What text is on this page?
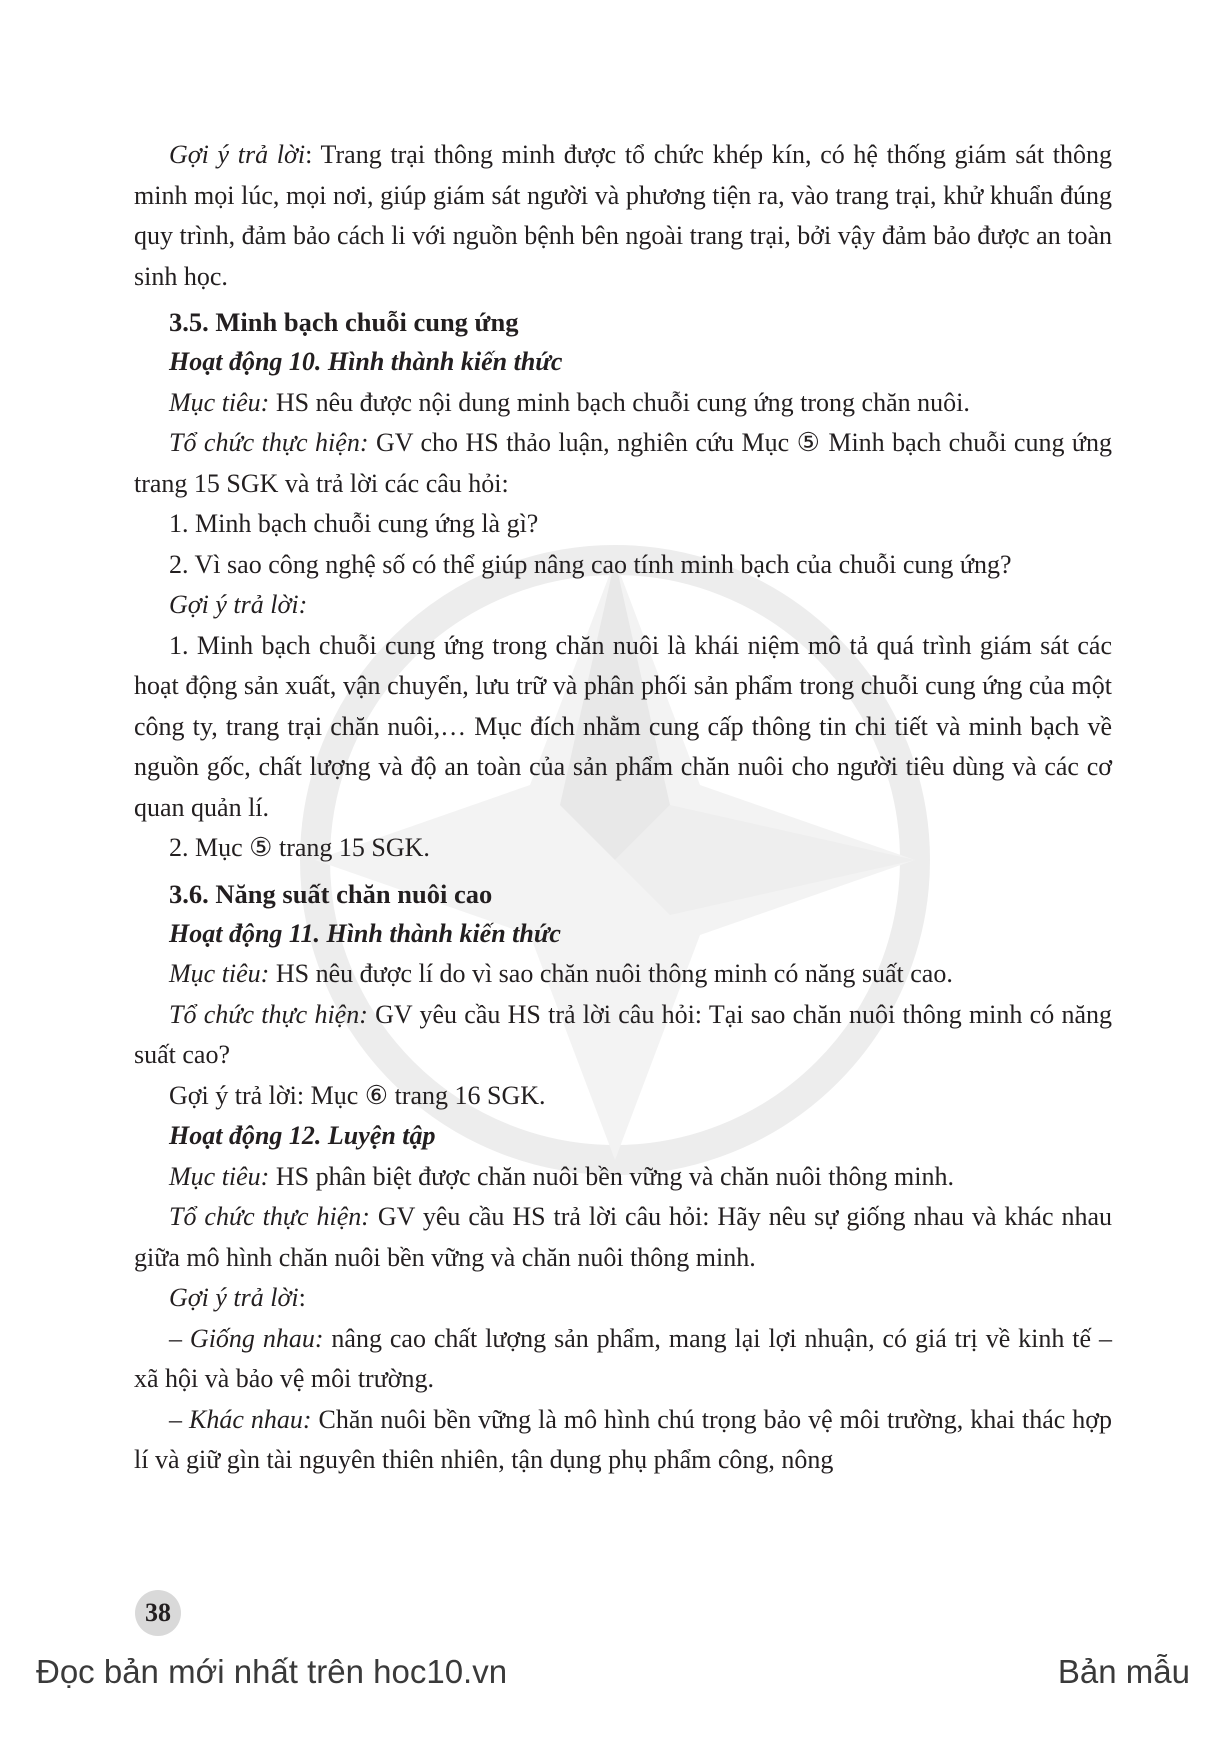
Gợi ý trả lời: Trang trại thông minh được tổ chức khép kín, có hệ thống giám sát thông minh mọi lúc, mọi nơi, giúp giám sát người và phương tiện ra, vào trang trại, khử khuẩn đúng quy trình, đảm bảo cách li với nguồn bệnh bên ngoài trang trại, bởi vậy đảm bảo được an toàn sinh học.

3.5. Minh bạch chuỗi cung ứng

Hoạt động 10. Hình thành kiến thức

Mục tiêu: HS nêu được nội dung minh bạch chuỗi cung ứng trong chăn nuôi.

Tổ chức thực hiện: GV cho HS thảo luận, nghiên cứu Mục ⑤ Minh bạch chuỗi cung ứng trang 15 SGK và trả lời các câu hỏi:

1. Minh bạch chuỗi cung ứng là gì?

2. Vì sao công nghệ số có thể giúp nâng cao tính minh bạch của chuỗi cung ứng?

Gợi ý trả lời:

1. Minh bạch chuỗi cung ứng trong chăn nuôi là khái niệm mô tả quá trình giám sát các hoạt động sản xuất, vận chuyển, lưu trữ và phân phối sản phẩm trong chuỗi cung ứng của một công ty, trang trại chăn nuôi,… Mục đích nhằm cung cấp thông tin chi tiết và minh bạch về nguồn gốc, chất lượng và độ an toàn của sản phẩm chăn nuôi cho người tiêu dùng và các cơ quan quản lí.

2. Mục ⑤ trang 15 SGK.

3.6. Năng suất chăn nuôi cao

Hoạt động 11. Hình thành kiến thức

Mục tiêu: HS nêu được lí do vì sao chăn nuôi thông minh có năng suất cao.

Tổ chức thực hiện: GV yêu cầu HS trả lời câu hỏi: Tại sao chăn nuôi thông minh có năng suất cao?

Gợi ý trả lời: Mục ⑥ trang 16 SGK.

Hoạt động 12. Luyện tập

Mục tiêu: HS phân biệt được chăn nuôi bền vững và chăn nuôi thông minh.

Tổ chức thực hiện: GV yêu cầu HS trả lời câu hỏi: Hãy nêu sự giống nhau và khác nhau giữa mô hình chăn nuôi bền vững và chăn nuôi thông minh.

Gợi ý trả lời:

– Giống nhau: nâng cao chất lượng sản phẩm, mang lại lợi nhuận, có giá trị về kinh tế – xã hội và bảo vệ môi trường.

– Khác nhau: Chăn nuôi bền vững là mô hình chú trọng bảo vệ môi trường, khai thác hợp lí và giữ gìn tài nguyên thiên nhiên, tận dụng phụ phẩm công, nông

38
Đọc bản mới nhất trên hoc10.vn	Bản mẫu
